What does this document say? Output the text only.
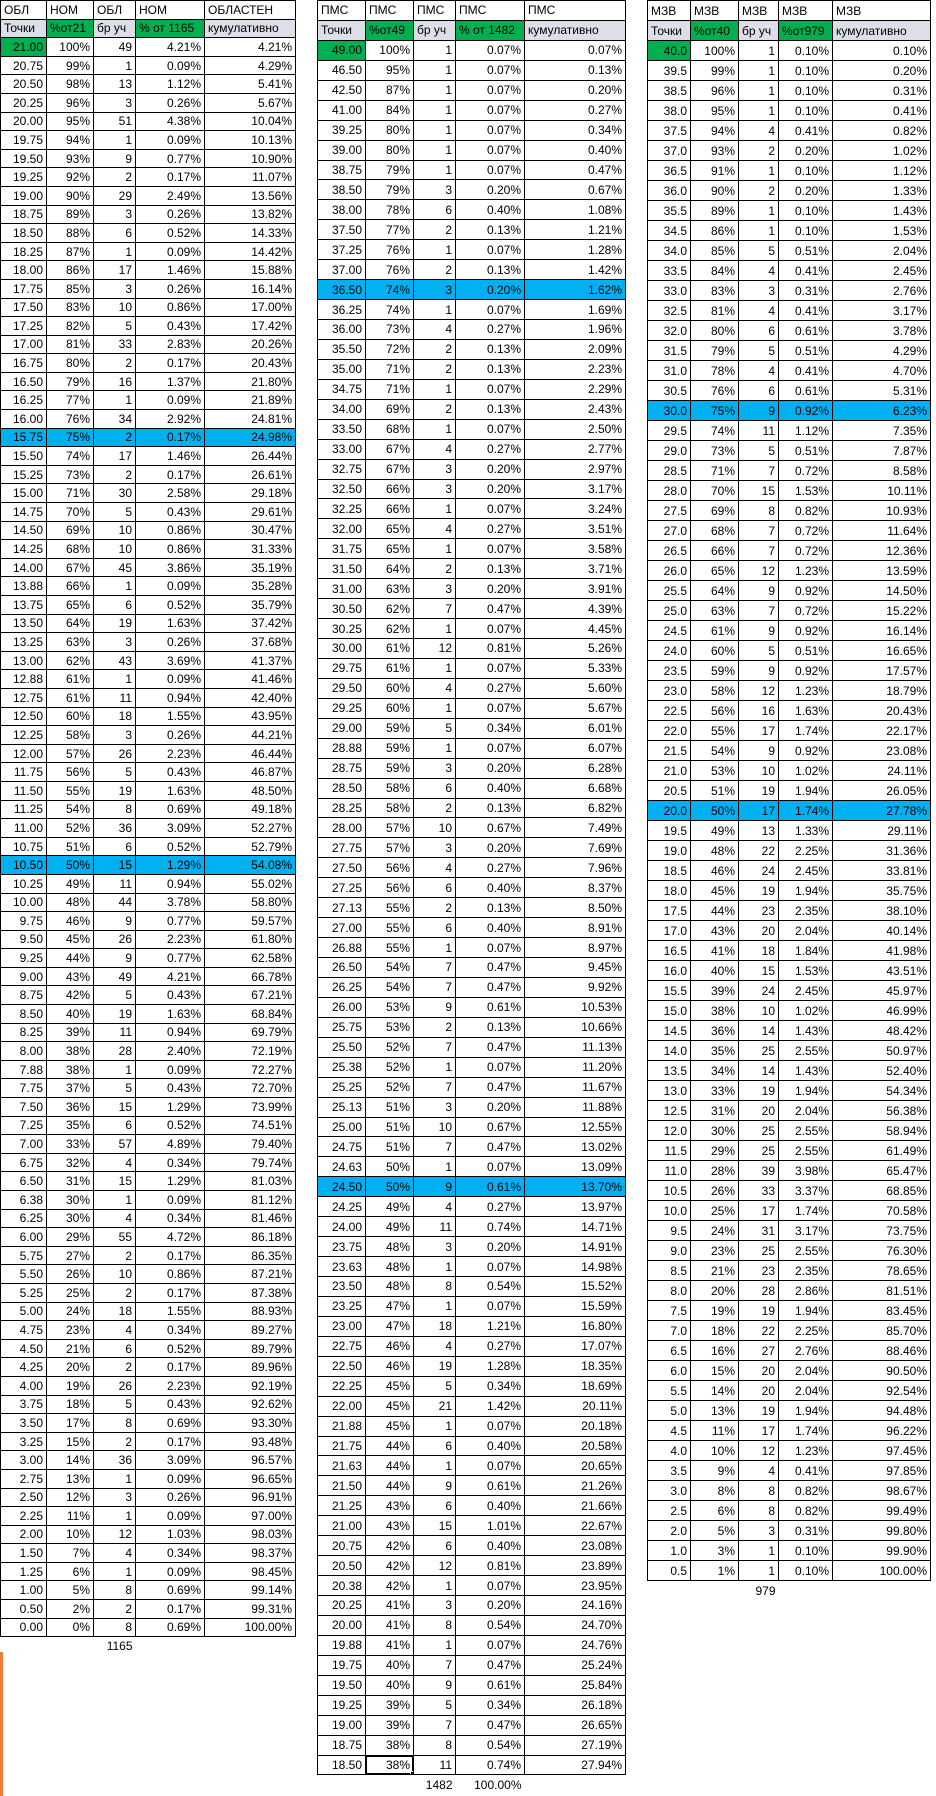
ОБЛ	НОМ	ОБЛ	НОМ	ОБЛАСТЕН
Точки	%от21	бр уч	% от 1165	кумулативно
21.00	100%	49	4.21%	4.21%
20.75	99%	1	0.09%	4.29%
20.50	98%	13	1.12%	5.41%
20.25	96%	3	0.26%	5.67%
20.00	95%	51	4.38%	10.04%
19.75	94%	1	0.09%	10.13%
19.50	93%	9	0.77%	10.90%
19.25	92%	2	0.17%	11.07%
19.00	90%	29	2.49%	13.56%
18.75	89%	3	0.26%	13.82%
18.50	88%	6	0.52%	14.33%
18.25	87%	1	0.09%	14.42%
18.00	86%	17	1.46%	15.88%
17.75	85%	3	0.26%	16.14%
17.50	83%	10	0.86%	17.00%
17.25	82%	5	0.43%	17.42%
17.00	81%	33	2.83%	20.26%
16.75	80%	2	0.17%	20.43%
16.50	79%	16	1.37%	21.80%
16.25	77%	1	0.09%	21.89%
16.00	76%	34	2.92%	24.81%
15.75	75%	2	0.17%	24.98%
15.50	74%	17	1.46%	26.44%
15.25	73%	2	0.17%	26.61%
15.00	71%	30	2.58%	29.18%
14.75	70%	5	0.43%	29.61%
14.50	69%	10	0.86%	30.47%
14.25	68%	10	0.86%	31.33%
14.00	67%	45	3.86%	35.19%
13.88	66%	1	0.09%	35.28%
13.75	65%	6	0.52%	35.79%
13.50	64%	19	1.63%	37.42%
13.25	63%	3	0.26%	37.68%
13.00	62%	43	3.69%	41.37%
12.88	61%	1	0.09%	41.46%
12.75	61%	11	0.94%	42.40%
12.50	60%	18	1.55%	43.95%
12.25	58%	3	0.26%	44.21%
12.00	57%	26	2.23%	46.44%
11.75	56%	5	0.43%	46.87%
11.50	55%	19	1.63%	48.50%
11.25	54%	8	0.69%	49.18%
11.00	52%	36	3.09%	52.27%
10.75	51%	6	0.52%	52.79%
10.50	50%	15	1.29%	54.08%
10.25	49%	11	0.94%	55.02%
10.00	48%	44	3.78%	58.80%
9.75	46%	9	0.77%	59.57%
9.50	45%	26	2.23%	61.80%
9.25	44%	9	0.77%	62.58%
9.00	43%	49	4.21%	66.78%
8.75	42%	5	0.43%	67.21%
8.50	40%	19	1.63%	68.84%
8.25	39%	11	0.94%	69.79%
8.00	38%	28	2.40%	72.19%
7.88	38%	1	0.09%	72.27%
7.75	37%	5	0.43%	72.70%
7.50	36%	15	1.29%	73.99%
7.25	35%	6	0.52%	74.51%
7.00	33%	57	4.89%	79.40%
6.75	32%	4	0.34%	79.74%
6.50	31%	15	1.29%	81.03%
6.38	30%	1	0.09%	81.12%
6.25	30%	4	0.34%	81.46%
6.00	29%	55	4.72%	86.18%
5.75	27%	2	0.17%	86.35%
5.50	26%	10	0.86%	87.21%
5.25	25%	2	0.17%	87.38%
5.00	24%	18	1.55%	88.93%
4.75	23%	4	0.34%	89.27%
4.50	21%	6	0.52%	89.79%
4.25	20%	2	0.17%	89.96%
4.00	19%	26	2.23%	92.19%
3.75	18%	5	0.43%	92.62%
3.50	17%	8	0.69%	93.30%
3.25	15%	2	0.17%	93.48%
3.00	14%	36	3.09%	96.57%
2.75	13%	1	0.09%	96.65%
2.50	12%	3	0.26%	96.91%
2.25	11%	1	0.09%	97.00%
2.00	10%	12	1.03%	98.03%
1.50	7%	4	0.34%	98.37%
1.25	6%	1	0.09%	98.45%
1.00	5%	8	0.69%	99.14%
0.50	2%	2	0.17%	99.31%
0.00	0%	8	0.69%	100.00%
		1165		
ПМС	ПМС	ПМС	ПМС	ПМС
Точки	%от49	бр уч	% от 1482	кумулативно
49.00	100%	1	0.07%	0.07%
46.50	95%	1	0.07%	0.13%
42.50	87%	1	0.07%	0.20%
41.00	84%	1	0.07%	0.27%
39.25	80%	1	0.07%	0.34%
39.00	80%	1	0.07%	0.40%
38.75	79%	1	0.07%	0.47%
38.50	79%	3	0.20%	0.67%
38.00	78%	6	0.40%	1.08%
37.50	77%	2	0.13%	1.21%
37.25	76%	1	0.07%	1.28%
37.00	76%	2	0.13%	1.42%
36.50	74%	3	0.20%	1.62%
36.25	74%	1	0.07%	1.69%
36.00	73%	4	0.27%	1.96%
35.50	72%	2	0.13%	2.09%
35.00	71%	2	0.13%	2.23%
34.75	71%	1	0.07%	2.29%
34.00	69%	2	0.13%	2.43%
33.50	68%	1	0.07%	2.50%
33.00	67%	4	0.27%	2.77%
32.75	67%	3	0.20%	2.97%
32.50	66%	3	0.20%	3.17%
32.25	66%	1	0.07%	3.24%
32.00	65%	4	0.27%	3.51%
31.75	65%	1	0.07%	3.58%
31.50	64%	2	0.13%	3.71%
31.00	63%	3	0.20%	3.91%
30.50	62%	7	0.47%	4.39%
30.25	62%	1	0.07%	4.45%
30.00	61%	12	0.81%	5.26%
29.75	61%	1	0.07%	5.33%
29.50	60%	4	0.27%	5.60%
29.25	60%	1	0.07%	5.67%
29.00	59%	5	0.34%	6.01%
28.88	59%	1	0.07%	6.07%
28.75	59%	3	0.20%	6.28%
28.50	58%	6	0.40%	6.68%
28.25	58%	2	0.13%	6.82%
28.00	57%	10	0.67%	7.49%
27.75	57%	3	0.20%	7.69%
27.50	56%	4	0.27%	7.96%
27.25	56%	6	0.40%	8.37%
27.13	55%	2	0.13%	8.50%
27.00	55%	6	0.40%	8.91%
26.88	55%	1	0.07%	8.97%
26.50	54%	7	0.47%	9.45%
26.25	54%	7	0.47%	9.92%
26.00	53%	9	0.61%	10.53%
25.75	53%	2	0.13%	10.66%
25.50	52%	7	0.47%	11.13%
25.38	52%	1	0.07%	11.20%
25.25	52%	7	0.47%	11.67%
25.13	51%	3	0.20%	11.88%
25.00	51%	10	0.67%	12.55%
24.75	51%	7	0.47%	13.02%
24.63	50%	1	0.07%	13.09%
24.50	50%	9	0.61%	13.70%
24.25	49%	4	0.27%	13.97%
24.00	49%	11	0.74%	14.71%
23.75	48%	3	0.20%	14.91%
23.63	48%	1	0.07%	14.98%
23.50	48%	8	0.54%	15.52%
23.25	47%	1	0.07%	15.59%
23.00	47%	18	1.21%	16.80%
22.75	46%	4	0.27%	17.07%
22.50	46%	19	1.28%	18.35%
22.25	45%	5	0.34%	18.69%
22.00	45%	21	1.42%	20.11%
21.88	45%	1	0.07%	20.18%
21.75	44%	6	0.40%	20.58%
21.63	44%	1	0.07%	20.65%
21.50	44%	9	0.61%	21.26%
21.25	43%	6	0.40%	21.66%
21.00	43%	15	1.01%	22.67%
20.75	42%	6	0.40%	23.08%
20.50	42%	12	0.81%	23.89%
20.38	42%	1	0.07%	23.95%
20.25	41%	3	0.20%	24.16%
20.00	41%	8	0.54%	24.70%
19.88	41%	1	0.07%	24.76%
19.75	40%	7	0.47%	25.24%
19.50	40%	9	0.61%	25.84%
19.25	39%	5	0.34%	26.18%
19.00	39%	7	0.47%	26.65%
18.75	38%	8	0.54%	27.19%
18.50	38%	11	0.74%	27.94%
		1482	100.00%	
МЗВ	МЗВ	МЗВ	МЗВ	МЗВ
Точки	%от40	бр уч	%от979	кумулативно
40.0	100%	1	0.10%	0.10%
39.5	99%	1	0.10%	0.20%
38.5	96%	1	0.10%	0.31%
38.0	95%	1	0.10%	0.41%
37.5	94%	4	0.41%	0.82%
37.0	93%	2	0.20%	1.02%
36.5	91%	1	0.10%	1.12%
36.0	90%	2	0.20%	1.33%
35.5	89%	1	0.10%	1.43%
34.5	86%	1	0.10%	1.53%
34.0	85%	5	0.51%	2.04%
33.5	84%	4	0.41%	2.45%
33.0	83%	3	0.31%	2.76%
32.5	81%	4	0.41%	3.17%
32.0	80%	6	0.61%	3.78%
31.5	79%	5	0.51%	4.29%
31.0	78%	4	0.41%	4.70%
30.5	76%	6	0.61%	5.31%
30.0	75%	9	0.92%	6.23%
29.5	74%	11	1.12%	7.35%
29.0	73%	5	0.51%	7.87%
28.5	71%	7	0.72%	8.58%
28.0	70%	15	1.53%	10.11%
27.5	69%	8	0.82%	10.93%
27.0	68%	7	0.72%	11.64%
26.5	66%	7	0.72%	12.36%
26.0	65%	12	1.23%	13.59%
25.5	64%	9	0.92%	14.50%
25.0	63%	7	0.72%	15.22%
24.5	61%	9	0.92%	16.14%
24.0	60%	5	0.51%	16.65%
23.5	59%	9	0.92%	17.57%
23.0	58%	12	1.23%	18.79%
22.5	56%	16	1.63%	20.43%
22.0	55%	17	1.74%	22.17%
21.5	54%	9	0.92%	23.08%
21.0	53%	10	1.02%	24.11%
20.5	51%	19	1.94%	26.05%
20.0	50%	17	1.74%	27.78%
19.5	49%	13	1.33%	29.11%
19.0	48%	22	2.25%	31.36%
18.5	46%	24	2.45%	33.81%
18.0	45%	19	1.94%	35.75%
17.5	44%	23	2.35%	38.10%
17.0	43%	20	2.04%	40.14%
16.5	41%	18	1.84%	41.98%
16.0	40%	15	1.53%	43.51%
15.5	39%	24	2.45%	45.97%
15.0	38%	10	1.02%	46.99%
14.5	36%	14	1.43%	48.42%
14.0	35%	25	2.55%	50.97%
13.5	34%	14	1.43%	52.40%
13.0	33%	19	1.94%	54.34%
12.5	31%	20	2.04%	56.38%
12.0	30%	25	2.55%	58.94%
11.5	29%	25	2.55%	61.49%
11.0	28%	39	3.98%	65.47%
10.5	26%	33	3.37%	68.85%
10.0	25%	17	1.74%	70.58%
9.5	24%	31	3.17%	73.75%
9.0	23%	25	2.55%	76.30%
8.5	21%	23	2.35%	78.65%
8.0	20%	28	2.86%	81.51%
7.5	19%	19	1.94%	83.45%
7.0	18%	22	2.25%	85.70%
6.5	16%	27	2.76%	88.46%
6.0	15%	20	2.04%	90.50%
5.5	14%	20	2.04%	92.54%
5.0	13%	19	1.94%	94.48%
4.5	11%	17	1.74%	96.22%
4.0	10%	12	1.23%	97.45%
3.5	9%	4	0.41%	97.85%
3.0	8%	8	0.82%	98.67%
2.5	6%	8	0.82%	99.49%
2.0	5%	3	0.31%	99.80%
1.0	3%	1	0.10%	99.90%
0.5	1%	1	0.10%	100.00%
		979		
